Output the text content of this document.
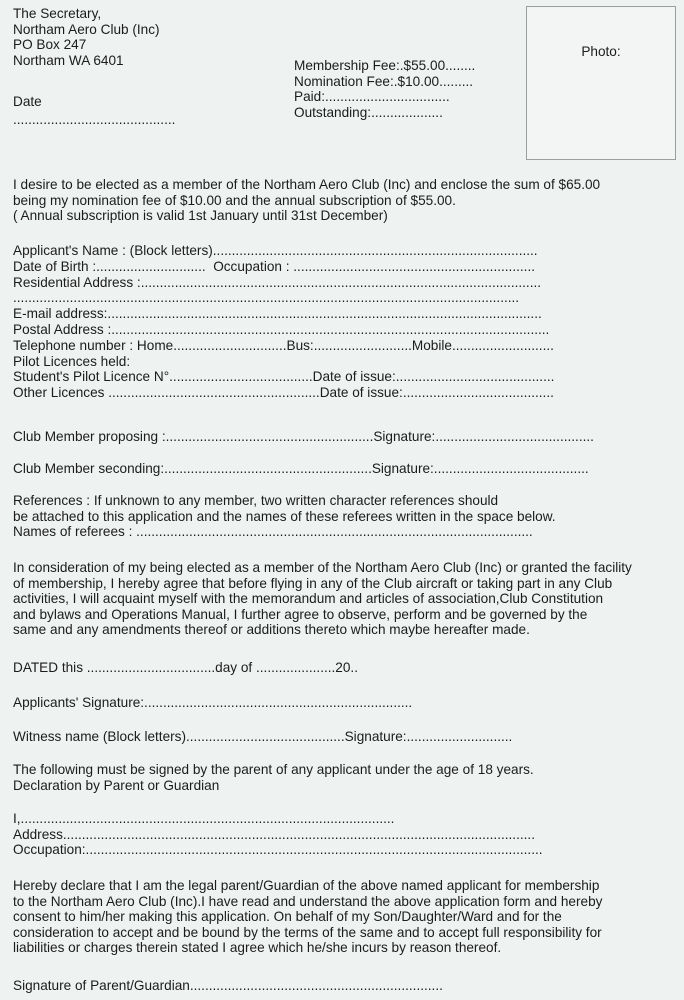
The Secretary,
Northam Aero Club (Inc)
PO Box 247
Northam WA 6401
Date
...........................................
Membership Fee:.$55.00........
Nomination Fee:.$10.00.........
Paid:.................................
Outstanding:...................
Photo:
I desire to be elected as a member of the Northam Aero Club (Inc) and enclose the sum of $65.00
being my nomination fee of $10.00 and the annual subscription of $55.00.
( Annual subscription is valid 1st January until 31st December)
Applicant's Name : (Block letters)......................................................................................
Date of Birth :.............................  Occupation : ................................................................
Residential Address :..........................................................................................................
......................................................................................................................................
E-mail address:...................................................................................................................
Postal Address :....................................................................................................................
Telephone number : Home..............................Bus:..........................Mobile...........................
Pilot Licences held:
Student's Pilot Licence N°......................................Date of issue:..........................................
Other Licences ........................................................Date of issue:........................................
Club Member proposing :.......................................................Signature:..........................................
Club Member seconding:.......................................................Signature:.........................................
References : If unknown to any member, two written character references should
be attached to this application and the names of these referees written in the space below.
Names of referees : .........................................................................................................
In consideration of my being elected as a member of the Northam Aero Club (Inc) or granted the facility
of membership, I hereby agree that before flying in any of the Club aircraft or taking part in any Club
activities, I will acquaint myself with the memorandum and articles of association,Club Constitution
and bylaws and Operations Manual, I further agree to observe, perform and be governed by the
same and any amendments thereof or additions thereto which maybe hereafter made.
DATED this ..................................day of .....................20..
Applicants' Signature:.......................................................................
Witness name (Block letters)..........................................Signature:............................
The following must be signed by the parent of any applicant under the age of 18 years.
Declaration by Parent or Guardian
I,...................................................................................................
Address.............................................................................................................................
Occupation:.........................................................................................................................
Hereby declare that I am the legal parent/Guardian of the above named applicant for membership
to the Northam Aero Club (Inc).I have read and understand the above application form and hereby
consent to him/her making this application. On behalf of my Son/Daughter/Ward and for the
consideration to accept and be bound by the terms of the same and to accept full responsibility for
liabilities or charges therein stated I agree which he/she incurs by reason thereof.
Signature of Parent/Guardian...................................................................
